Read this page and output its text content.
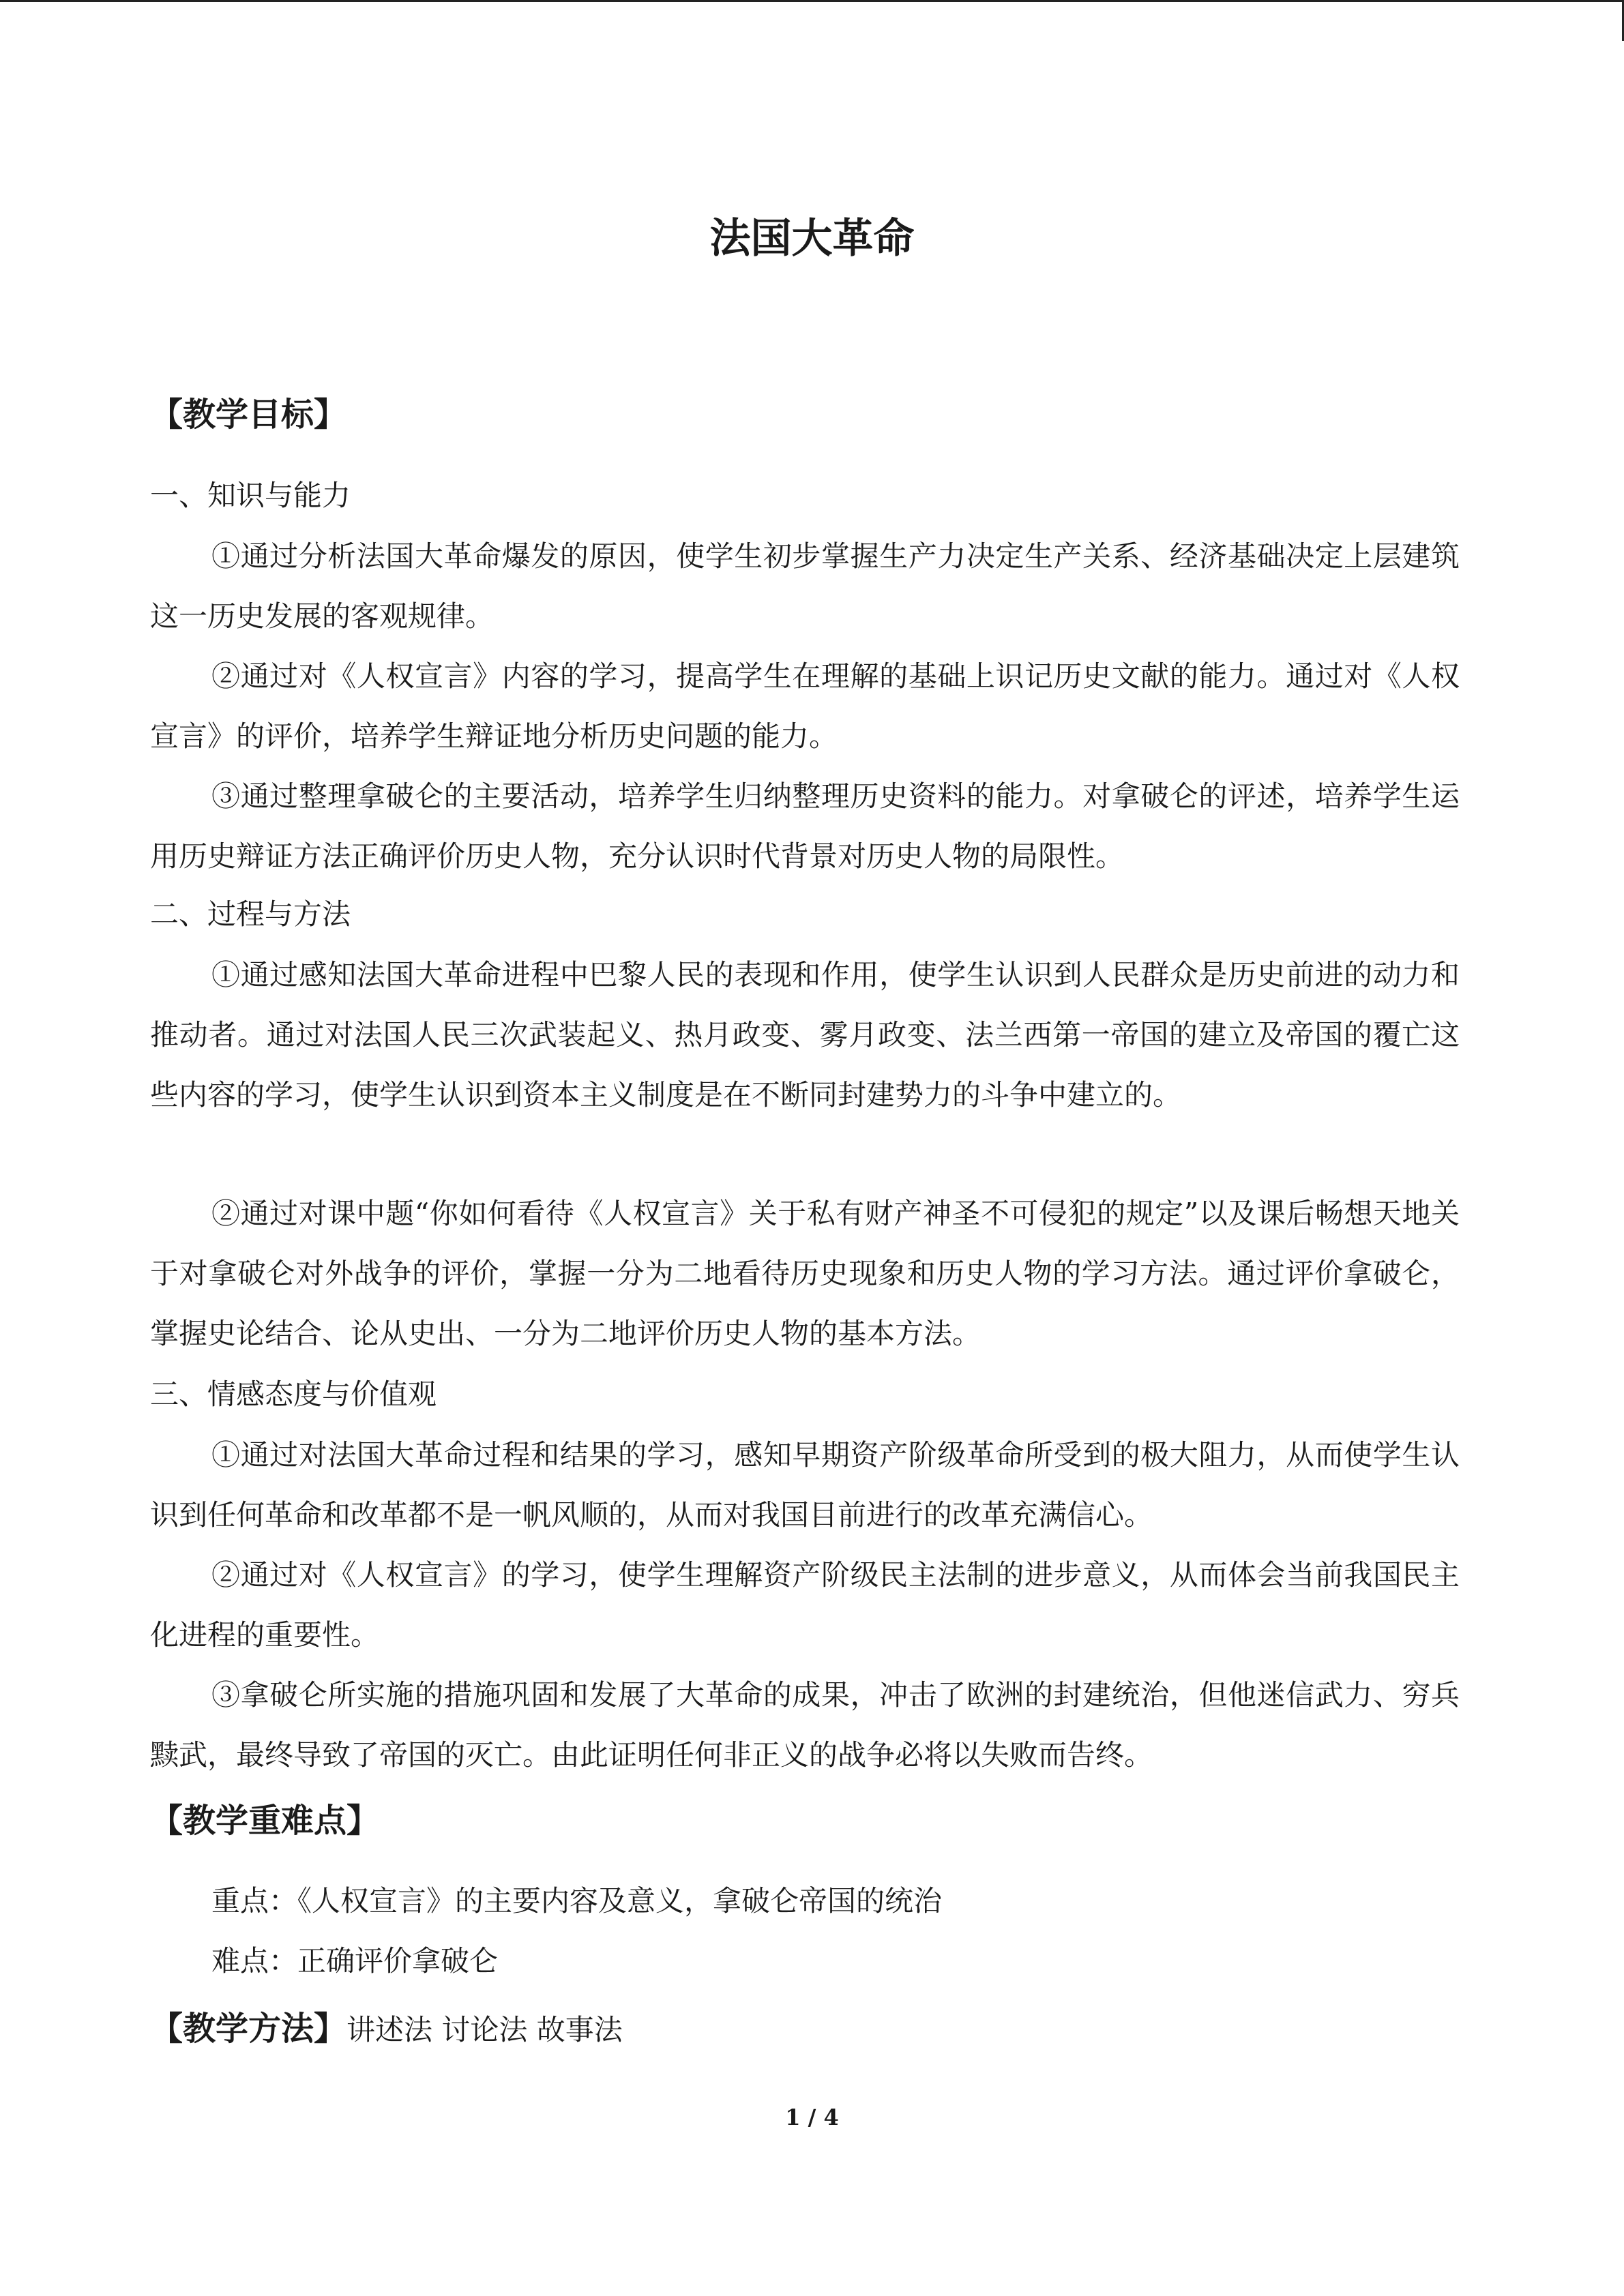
法国大革命
【教学目标】
一、知识与能力
①通过分析法国大革命爆发的原因，使学生初步掌握生产力决定生产关系、经济基础决定上层建筑这一历史发展的客观规律。
②通过对《人权宣言》内容的学习，提高学生在理解的基础上识记历史文献的能力。通过对《人权宣言》的评价，培养学生辩证地分析历史问题的能力。
③通过整理拿破仑的主要活动，培养学生归纳整理历史资料的能力。对拿破仑的评述，培养学生运用历史辩证方法正确评价历史人物，充分认识时代背景对历史人物的局限性。
二、过程与方法
①通过感知法国大革命进程中巴黎人民的表现和作用，使学生认识到人民群众是历史前进的动力和推动者。通过对法国人民三次武装起义、热月政变、雾月政变、法兰西第一帝国的建立及帝国的覆亡这些内容的学习，使学生认识到资本主义制度是在不断同封建势力的斗争中建立的。
②通过对课中题“你如何看待《人权宣言》关于私有财产神圣不可侵犯的规定”以及课后畅想天地关于对拿破仑对外战争的评价，掌握一分为二地看待历史现象和历史人物的学习方法。通过评价拿破仑，掌握史论结合、论从史出、一分为二地评价历史人物的基本方法。
三、情感态度与价值观
①通过对法国大革命过程和结果的学习，感知早期资产阶级革命所受到的极大阻力，从而使学生认识到任何革命和改革都不是一帆风顺的，从而对我国目前进行的改革充满信心。
②通过对《人权宣言》的学习，使学生理解资产阶级民主法制的进步意义，从而体会当前我国民主化进程的重要性。
③拿破仑所实施的措施巩固和发展了大革命的成果，冲击了欧洲的封建统治，但他迷信武力、穷兵黩武，最终导致了帝国的灭亡。由此证明任何非正义的战争必将以失败而告终。
【教学重难点】
重点：《人权宣言》的主要内容及意义，拿破仑帝国的统治
难点：正确评价拿破仑
【教学方法】讲述法 讨论法 故事法
1 / 4
